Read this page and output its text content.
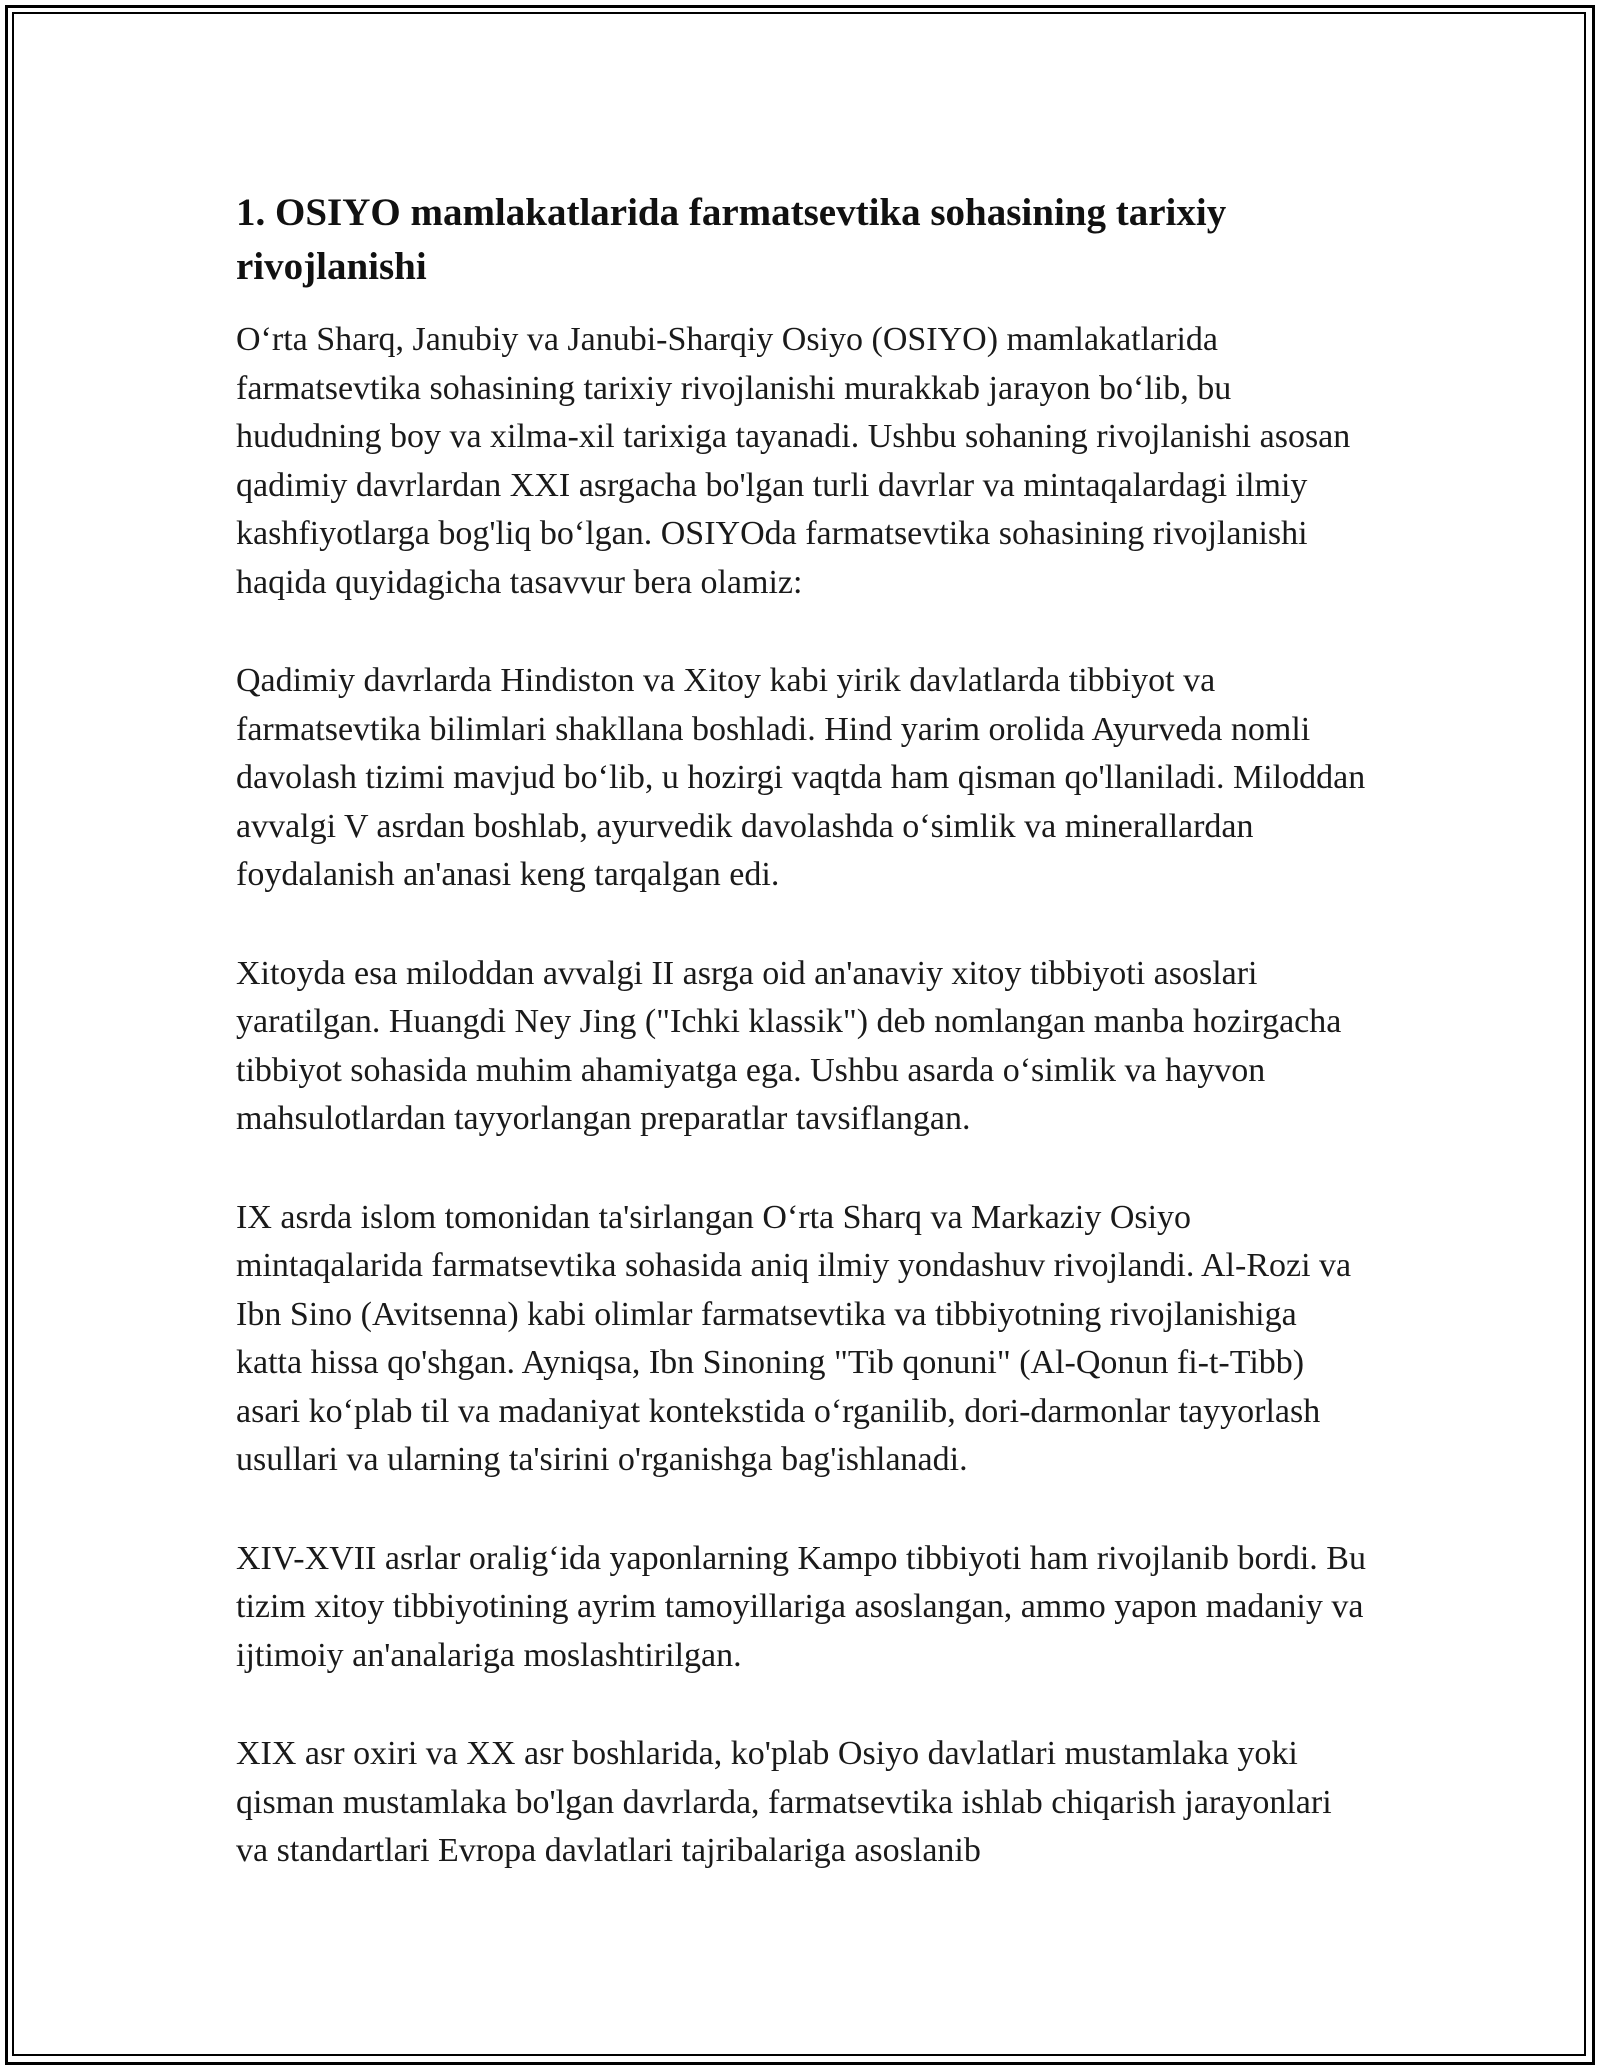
1. OSIYO mamlakatlarida farmatsevtika sohasining tarixiy rivojlanishi

O‘rta Sharq, Janubiy va Janubi-Sharqiy Osiyo (OSIYO) mamlakatlarida farmatsevtika sohasining tarixiy rivojlanishi murakkab jarayon bo‘lib, bu hududning boy va xilma-xil tarixiga tayanadi. Ushbu sohaning rivojlanishi asosan qadimiy davrlardan XXI asrgacha bo'lgan turli davrlar va mintaqalardagi ilmiy kashfiyotlarga bog'liq bo‘lgan. OSIYOda farmatsevtika sohasining rivojlanishi haqida quyidagicha tasavvur bera olamiz:

Qadimiy davrlarda Hindiston va Xitoy kabi yirik davlatlarda tibbiyot va farmatsevtika bilimlari shakllana boshladi. Hind yarim orolida Ayurveda nomli davolash tizimi mavjud bo‘lib, u hozirgi vaqtda ham qisman qo'llaniladi. Miloddan avvalgi V asrdan boshlab, ayurvedik davolashda o‘simlik va minerallardan foydalanish an'anasi keng tarqalgan edi.

Xitoyda esa miloddan avvalgi II asrga oid an'anaviy xitoy tibbiyoti asoslari yaratilgan. Huangdi Ney Jing ("Ichki klassik") deb nomlangan manba hozirgacha tibbiyot sohasida muhim ahamiyatga ega. Ushbu asarda o‘simlik va hayvon mahsulotlardan tayyorlangan preparatlar tavsiflangan.

IX asrda islom tomonidan ta'sirlangan O‘rta Sharq va Markaziy Osiyo mintaqalarida farmatsevtika sohasida aniq ilmiy yondashuv rivojlandi. Al-Rozi va Ibn Sino (Avitsenna) kabi olimlar farmatsevtika va tibbiyotning rivojlanishiga katta hissa qo'shgan. Ayniqsa, Ibn Sinoning "Tib qonuni" (Al-Qonun fi-t-Tibb) asari ko‘plab til va madaniyat kontekstida o‘rganilib, dori-darmonlar tayyorlash usullari va ularning ta'sirini o'rganishga bag'ishlanadi.

XIV-XVII asrlar oralig‘ida yaponlarning Kampo tibbiyoti ham rivojlanib bordi. Bu tizim xitoy tibbiyotining ayrim tamoyillariga asoslangan, ammo yapon madaniy va ijtimoiy an'analariga moslashtirilgan.

XIX asr oxiri va XX asr boshlarida, ko'plab Osiyo davlatlari mustamlaka yoki qisman mustamlaka bo'lgan davrlarda, farmatsevtika ishlab chiqarish jarayonlari va standartlari Evropa davlatlari tajribalariga asoslanib
